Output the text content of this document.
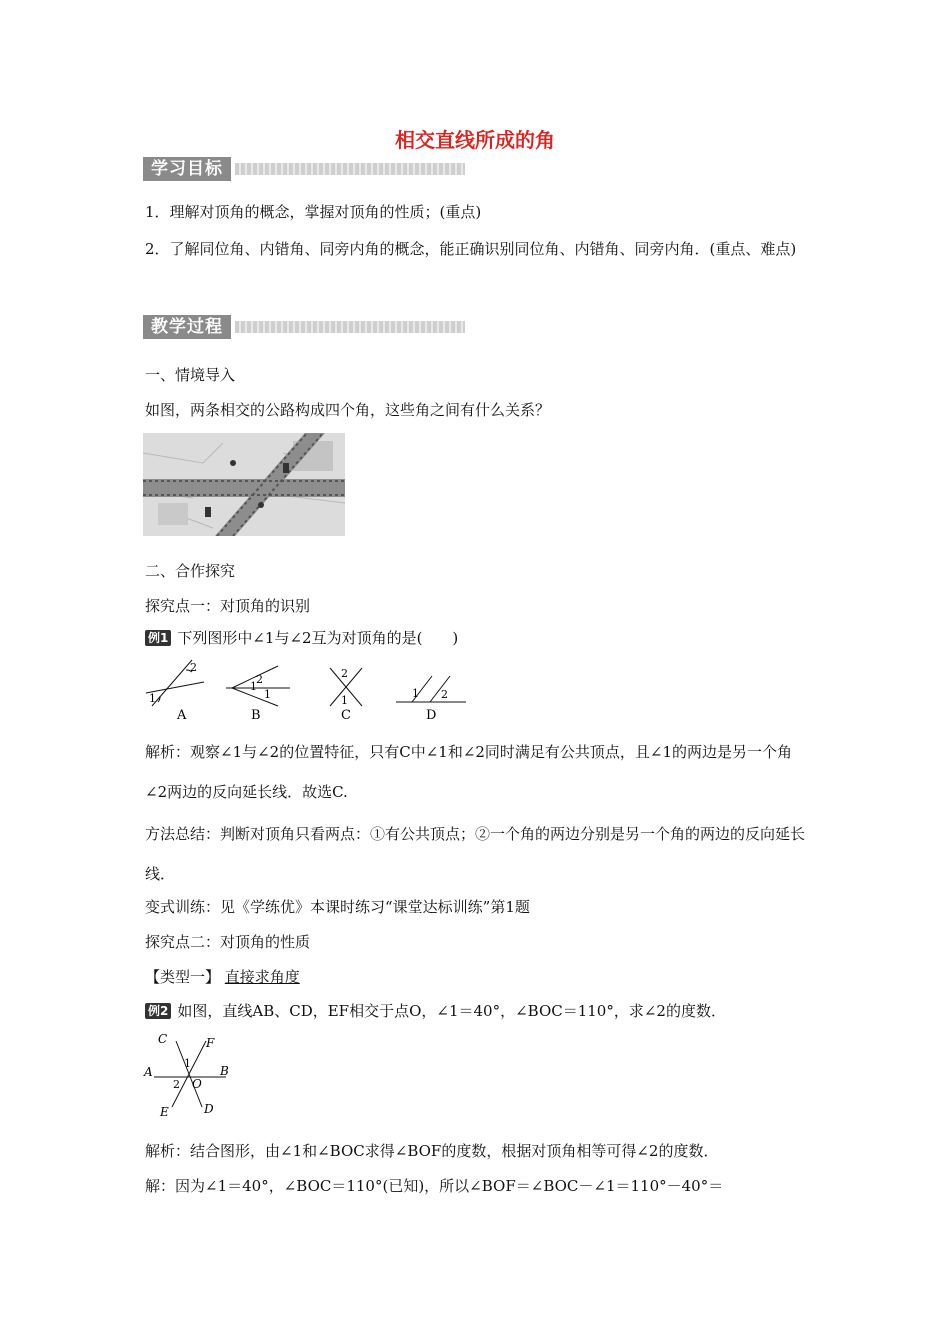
相交直线所成的角
学习目标
1．理解对顶角的概念，掌握对顶角的性质；(重点)
2．了解同位角、内错角、同旁内角的概念，能正确识别同位角、内错角、同旁内角．(重点、难点)
教学过程
一、情境导入
如图，两条相交的公路构成四个角，这些角之间有什么关系？
二、合作探究
探究点一：对顶角的识别
例1 下列图形中∠1与∠2互为对顶角的是(　　)
1
2
A
2
1
1
B
2
1
C
1 2
D
解析：观察∠1与∠2的位置特征，只有C中∠1和∠2同时满足有公共顶点，且∠1的两边是另一个角∠2两边的反向延长线．故选C.
方法总结：判断对顶角只看两点：①有公共顶点；②一个角的两边分别是另一个角的两边的反向延长线．
变式训练：见《学练优》本课时练习“课堂达标训练”第1题
探究点二：对顶角的性质
【类型一】 直接求角度
例2 如图，直线AB、CD，EF相交于点O，∠1＝40°，∠BOC＝110°，求∠2的度数．
C	F
A	B
O
E	D
1
2
解析：结合图形，由∠1和∠BOC求得∠BOF的度数，根据对顶角相等可得∠2的度数．
解：因为∠1＝40°，∠BOC＝110°(已知)，所以∠BOF＝∠BOC－∠1＝110°－40°＝
